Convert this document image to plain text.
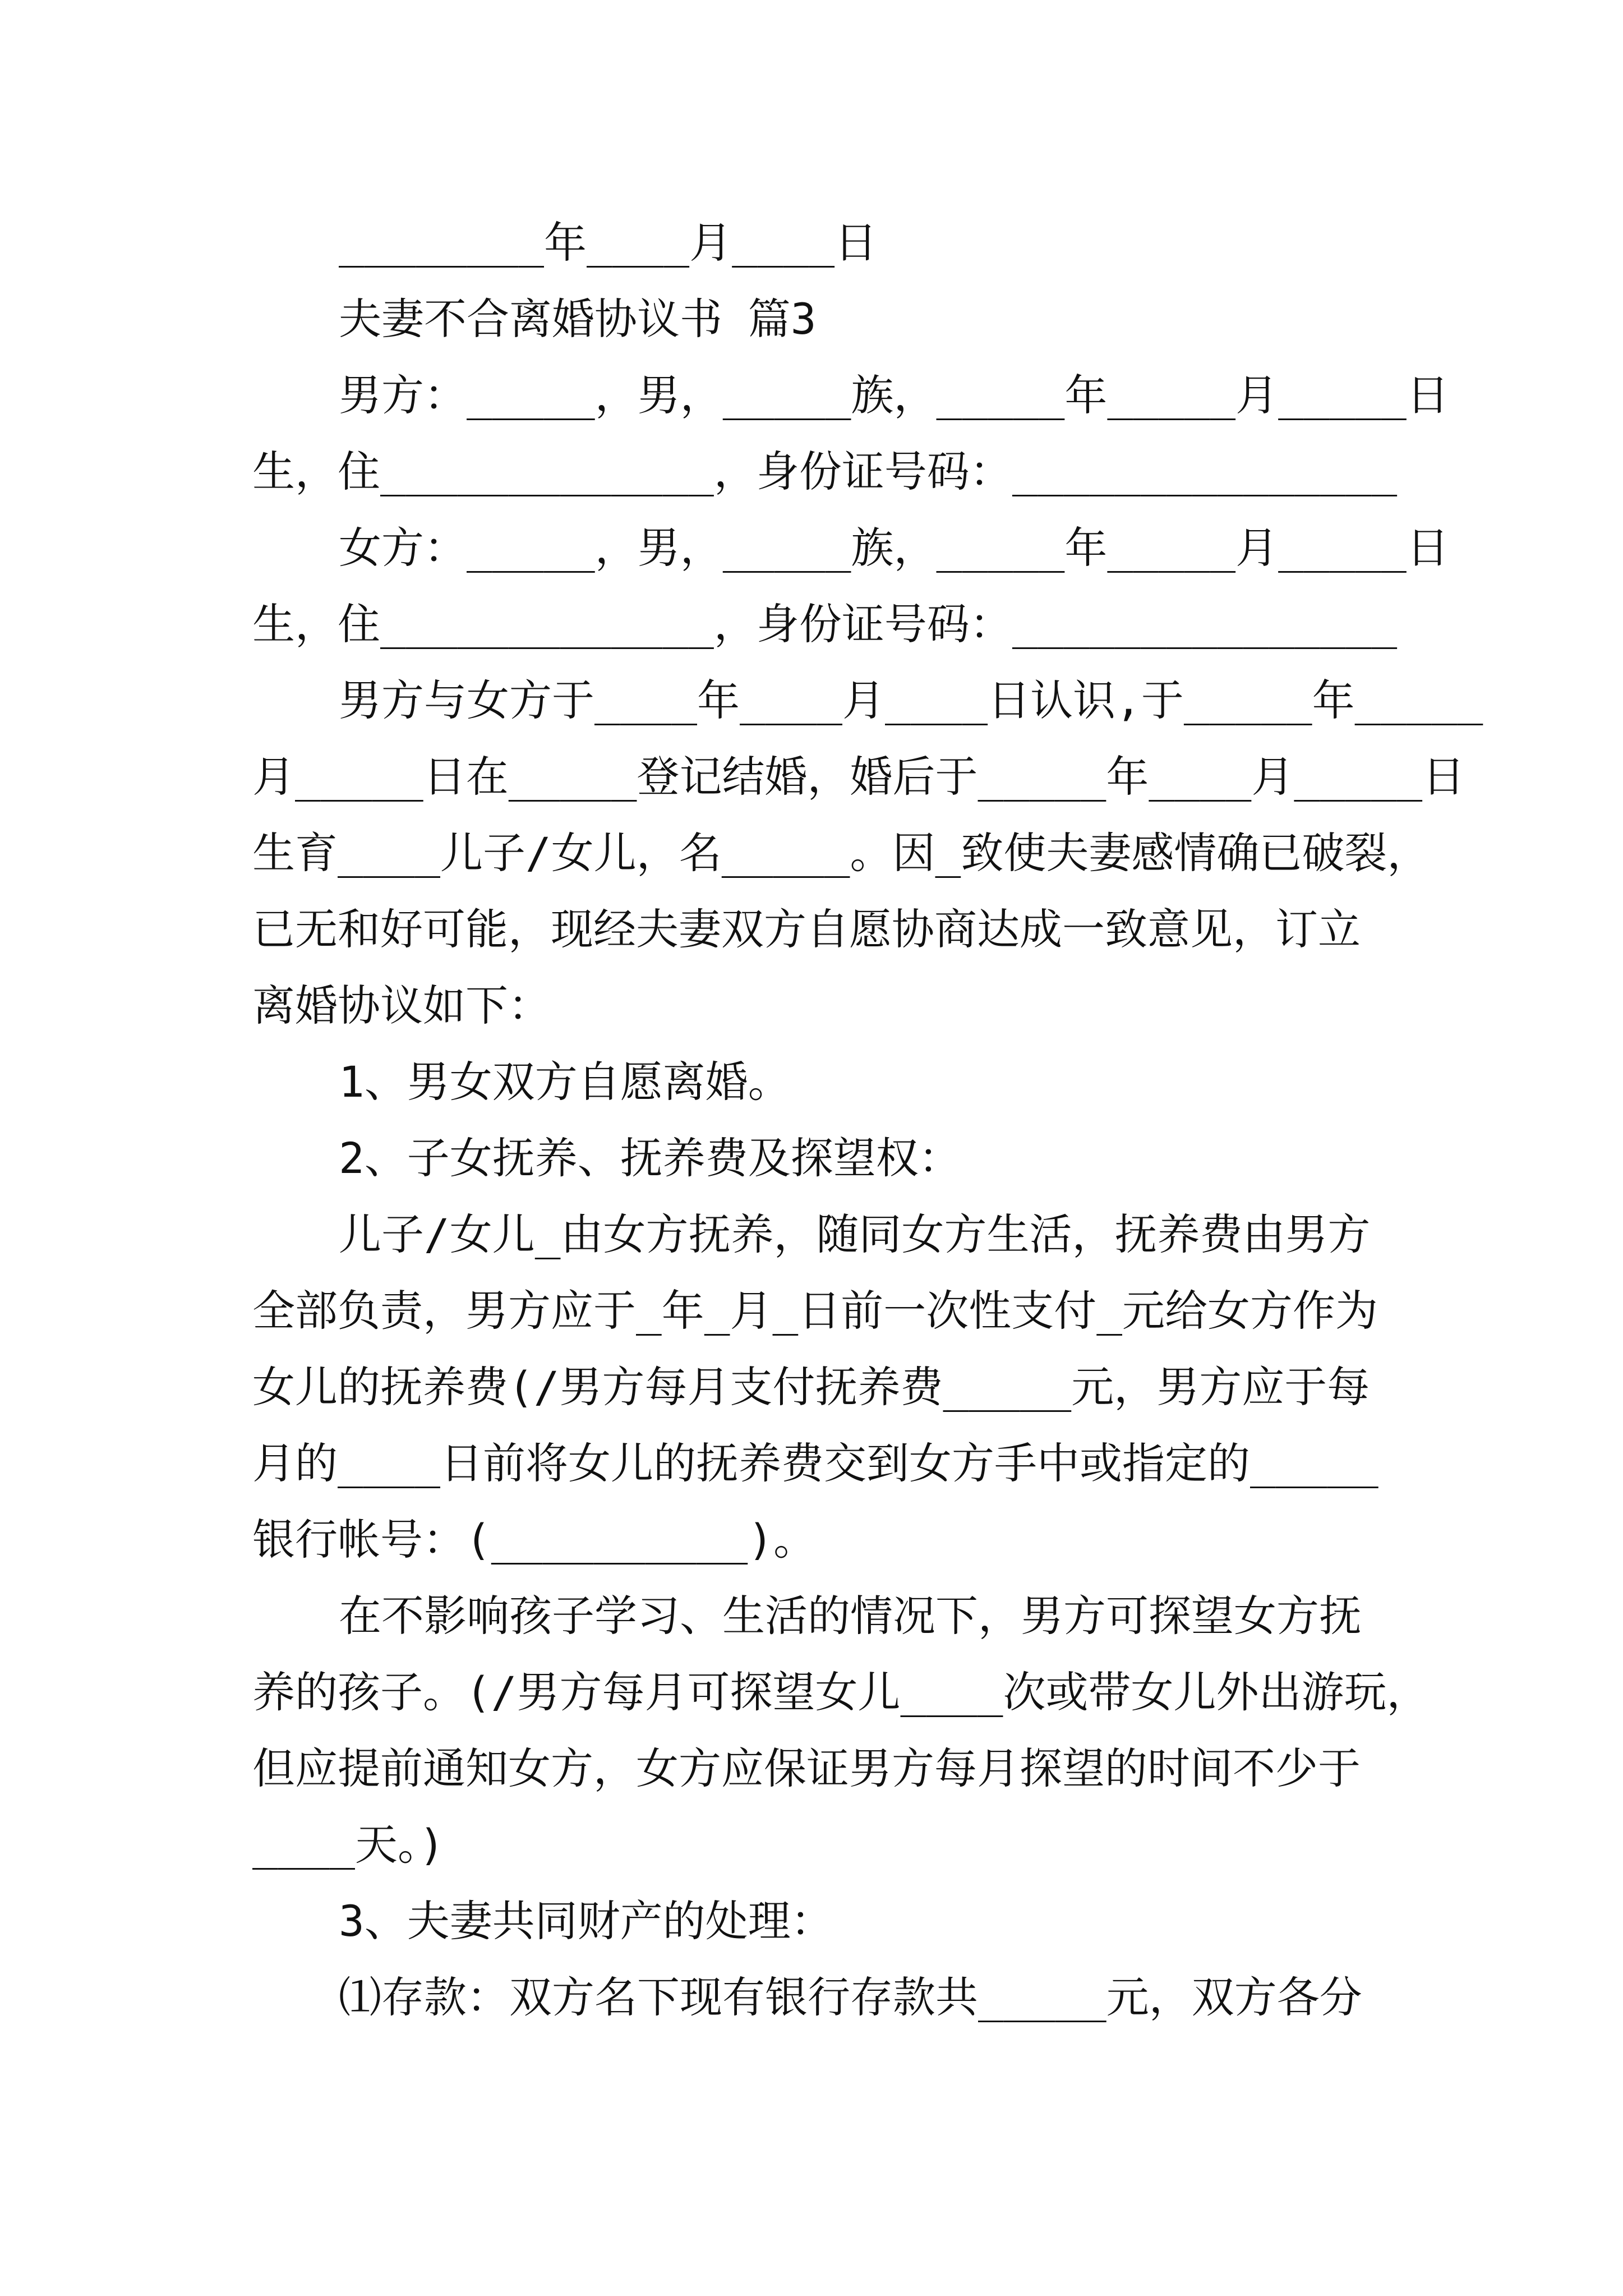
________年____月____日
夫妻不合离婚协议书 篇3
男方：_____，男，_____族，_____年_____月_____日
生，住_____________，身份证号码：_______________
女方：_____，男，_____族，_____年_____月_____日
生，住_____________，身份证号码：_______________
男方与女方于____年____月____日认识,于_____年_____
月_____日在_____登记结婚，婚后于_____年____月_____日
生育____儿子/女儿，名_____。因_致使夫妻感情确已破裂，
已无和好可能，现经夫妻双方自愿协商达成一致意见，订立
离婚协议如下：
1、男女双方自愿离婚。
2、子女抚养、抚养费及探望权：
儿子/女儿_由女方抚养，随同女方生活，抚养费由男方
全部负责，男方应于_年_月_日前一次性支付_元给女方作为
女儿的抚养费(/男方每月支付抚养费_____元，男方应于每
月的____日前将女儿的抚养费交到女方手中或指定的_____
银行帐号：(__________)。
在不影响孩子学习、生活的情况下，男方可探望女方抚
养的孩子。(/男方每月可探望女儿____次或带女儿外出游玩，
但应提前通知女方，女方应保证男方每月探望的时间不少于
____天。)
3、夫妻共同财产的处理：
⑴存款：双方名下现有银行存款共_____元，双方各分
